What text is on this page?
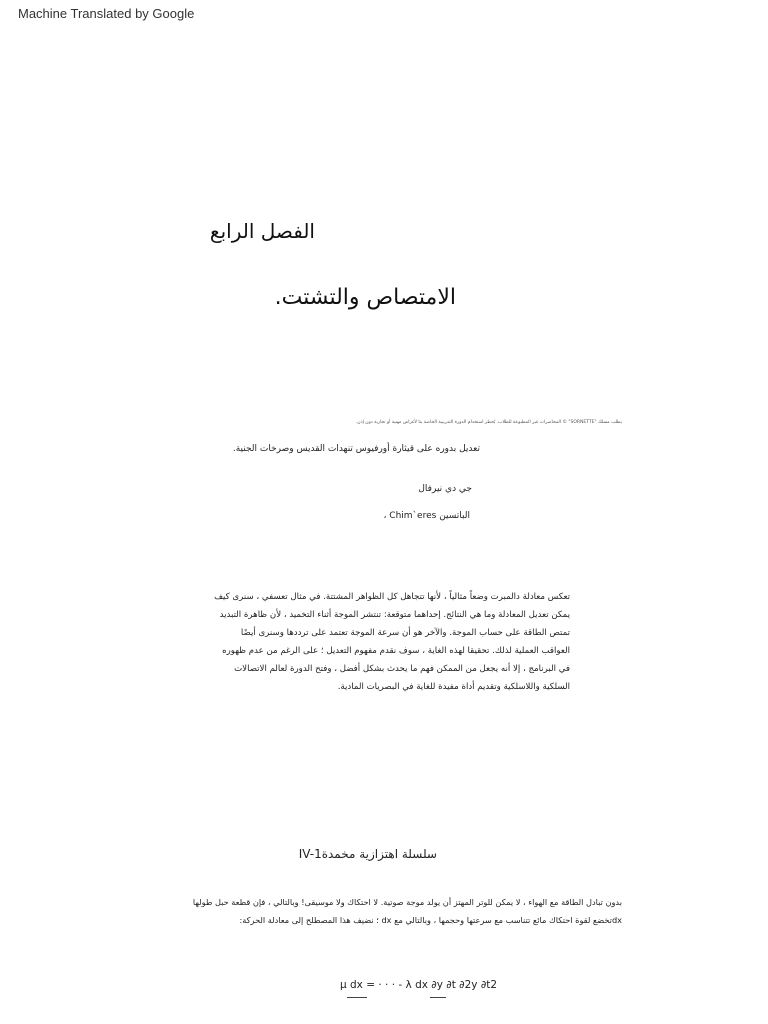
Machine Translated by Google
الفصل الرابع
الامتصاص والتشتت.
يطلب مسلك "SORNETTE" © المحاضرات غير المطبوعة للطلاب. يُحظر استخدام الدورة التدريبية الخاصة بنا لأغراض مهنية أو تجارية دون إذن.
تعديل بدوره على قيثارة أورفيوس تنهدات القديس وصرخات الجنية.
جي دي نيرفال
الباتسين Chim`eres ،
تعكس معادلة دالمبرت وضعاً مثالياً ، لأنها تتجاهل كل الظواهر المشتتة. في مثال تعسفي ، سنرى كيف يمكن تعديل المعادلة وما هي النتائج. إحداهما متوقعة: تنتشر الموجة أثناء التخميد ، لأن ظاهرة التبديد تمتص الطاقة على حساب الموجة. والآخر هو أن سرعة الموجة تعتمد على ترددها وسنرى أيضًا العواقب العملية لذلك. تحقيقا لهذه الغاية ، سوف نقدم مفهوم التعديل ؛ على الرغم من عدم ظهوره في البرنامج ، إلا أنه يجعل من الممكن فهم ما يحدث بشكل أفضل ، وفتح الدورة لعالم الاتصالات السلكية واللاسلكية وتقديم أداة مفيدة للغاية في البصريات المادية.
IV-1سلسلة اهتزازية مخمدة
بدون تبادل الطاقة مع الهواء ، لا يمكن للوتر المهتز أن يولد موجة صوتية. لا احتكاك ولا موسيقى! وبالتالي ، فإن قطعة حبل طولها dxتخضع لقوة احتكاك مائع تتناسب مع سرعتها وحجمها ، وبالتالي مع dx ؛ نضيف هذا المصطلح إلى معادلة الحركة:
µ dx = · · · - λ dx ∂y ∂t ∂2y ∂t2
